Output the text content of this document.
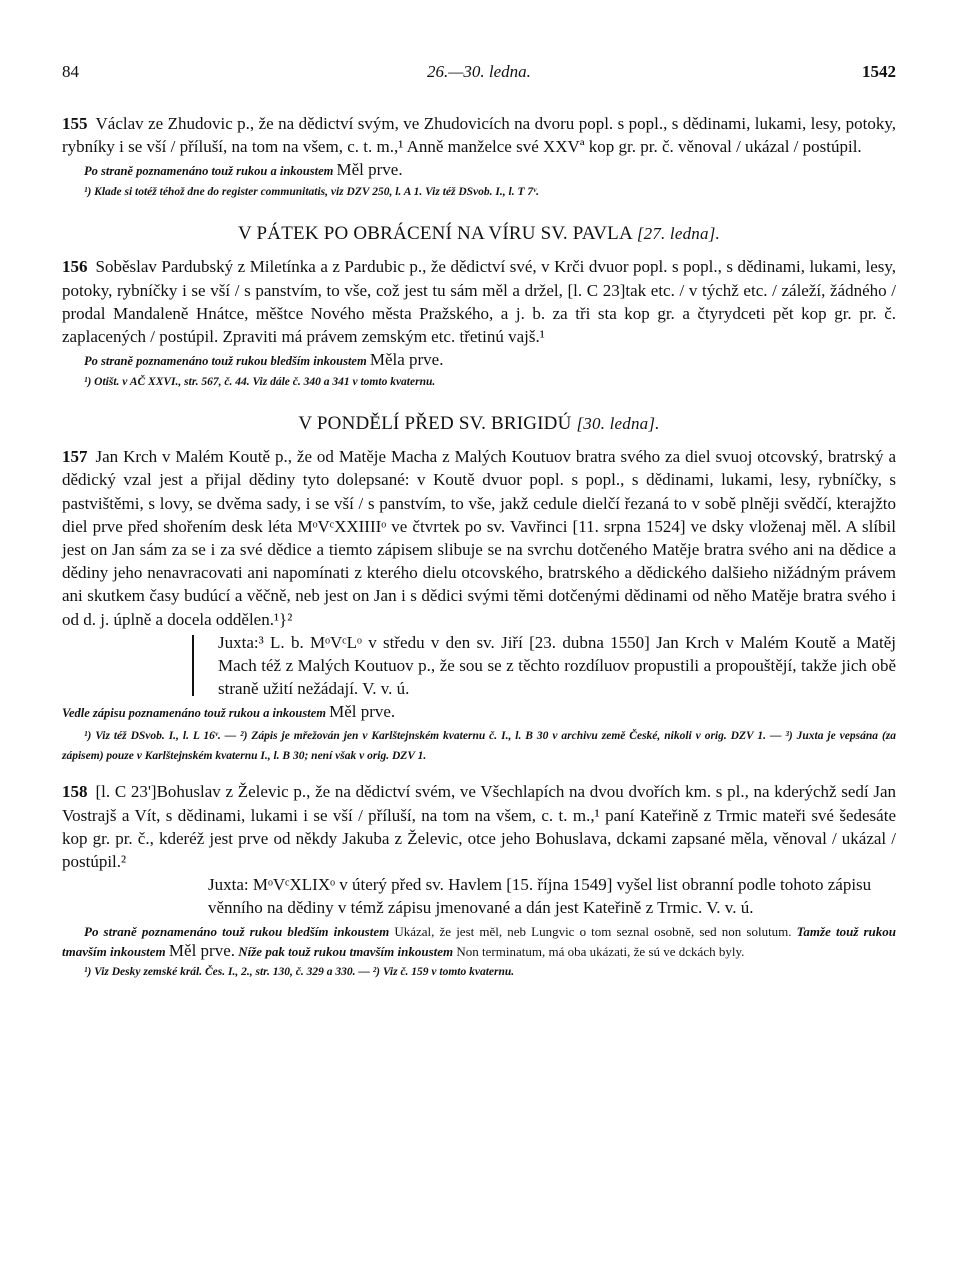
84	26.—30. ledna.	1542

155 Václav ze Zhudovic p., že na dědictví svým, ve Zhudovicích na dvoru popl. s popl., s dědinami, lukami, lesy, potoky, rybníky i se vší / příluší, na tom na všem, c. t. m.,¹ Anně manželce své XXVª kop gr. pr. č. věnoval / ukázal / postúpil.

Po straně poznamenáno touž rukou a inkoustem Měl prve.

¹) Klade si totéž téhož dne do register communitatis, viz DZV 250, l. A 1. Viz též DSvob. I., l. T 7ᵛ.

V PÁTEK PO OBRÁCENÍ NA VÍRU SV. PAVLA [27. ledna].

156 Soběslav Pardubský z Miletínka a z Pardubic p., že dědictví své, v Krči dvuor popl. s popl., s dědinami, lukami, lesy, potoky, rybníčky i se vší / s panstvím, to vše, což jest tu sám měl a držel, [l. C 23]tak etc. / v týchž etc. / záleží, žádného / prodal Mandaleně Hnátce, měštce Nového města Pražského, a j. b. za tři sta kop gr. a čtyrydceti pět kop gr. pr. č. zaplacených / postúpil. Zpraviti má právem zemským etc. třetinú vajš.¹

Po straně poznamenáno touž rukou bledším inkoustem Měla prve.

¹) Otišt. v AČ XXVI., str. 567, č. 44. Viz dále č. 340 a 341 v tomto kvaternu.

V PONDĚLÍ PŘED SV. BRIGIDÚ [30. ledna].

157 Jan Krch v Malém Koutě p., že od Matěje Macha z Malých Koutuov bratra svého za diel svuoj otcovský, bratrský a dědický vzal jest a přijal dědiny tyto dolepsané: v Koutě dvuor popl. s popl., s dědinami, lukami, lesy, rybníčky, s pastvištěmi, s lovy, se dvěma sady, i se vší / s panstvím, to vše, jakž cedule dielčí řezaná to v sobě plněji svědčí, kterajžto diel prve před shořením desk léta MᵒVᶜXXIIIIᵒ ve čtvrtek po sv. Vavřinci [11. srpna 1524] ve dsky vloženaj měl. A slíbil jest on Jan sám za se i za své dědice a tiemto zápisem slibuje se na svrchu dotčeného Matěje bratra svého ani na dědice a dědiny jeho nenavracovati ani napomínati z kterého dielu otcovského, bratrského a dědického dalšieho nižádným právem ani skutkem časy budúcí a věčně, neb jest on Jan i s dědici svými těmi dotčenými dědinami od něho Matěje bratra svého i od d. j. úplně a docela oddělen.¹}²

Juxta:³ L. b. MᵒVᶜLᵒ v středu v den sv. Jiří [23. dubna 1550] Jan Krch v Malém Koutě a Matěj Mach též z Malých Koutuov p., že sou se z těchto rozdíluov propustili a propouštějí, takže jich obě straně užití nežádají. V. v. ú.

Vedle zápisu poznamenáno touž rukou a inkoustem Měl prve.

¹) Viz též DSvob. I., l. L 16ᵛ. — ²) Zápis je mřežován jen v Karlštejnském kvaternu č. I., l. B 30 v archivu země České, nikoli v orig. DZV 1. — ³) Juxta je vepsána (za zápisem) pouze v Karlštejnském kvaternu I., l. B 30; není však v orig. DZV 1.

158 [l. C 23']Bohuslav z Želevic p., že na dědictví svém, ve Všechlapích na dvou dvořích km. s pl., na kderýchž sedí Jan Vostrajš a Vít, s dědinami, lukami i se vší / příluší, na tom na všem, c. t. m.,¹ paní Kateřině z Trmic mateři své šedesáte kop gr. pr. č., kderéž jest prve od někdy Jakuba z Želevic, otce jeho Bohuslava, dckami zapsané měla, věnoval / ukázal / postúpil.²

Juxta: MᵒVᶜXLIXᵒ v úterý před sv. Havlem [15. října 1549] vyšel list obranní podle tohoto zápisu věnního na dědiny v témž zápisu jmenované a dán jest Kateřině z Trmic. V. v. ú.

Po straně poznamenáno touž rukou bledším inkoustem Ukázal, že jest měl, neb Lungvic o tom seznal osobně, sed non solutum. Tamže touž rukou tmavším inkoustem Měl prve. Níže pak touž rukou tmavším inkoustem Non terminatum, má oba ukázati, že sú ve dckách byly.

¹) Viz Desky zemské král. Čes. I., 2., str. 130, č. 329 a 330. — ²) Viz č. 159 v tomto kvaternu.
